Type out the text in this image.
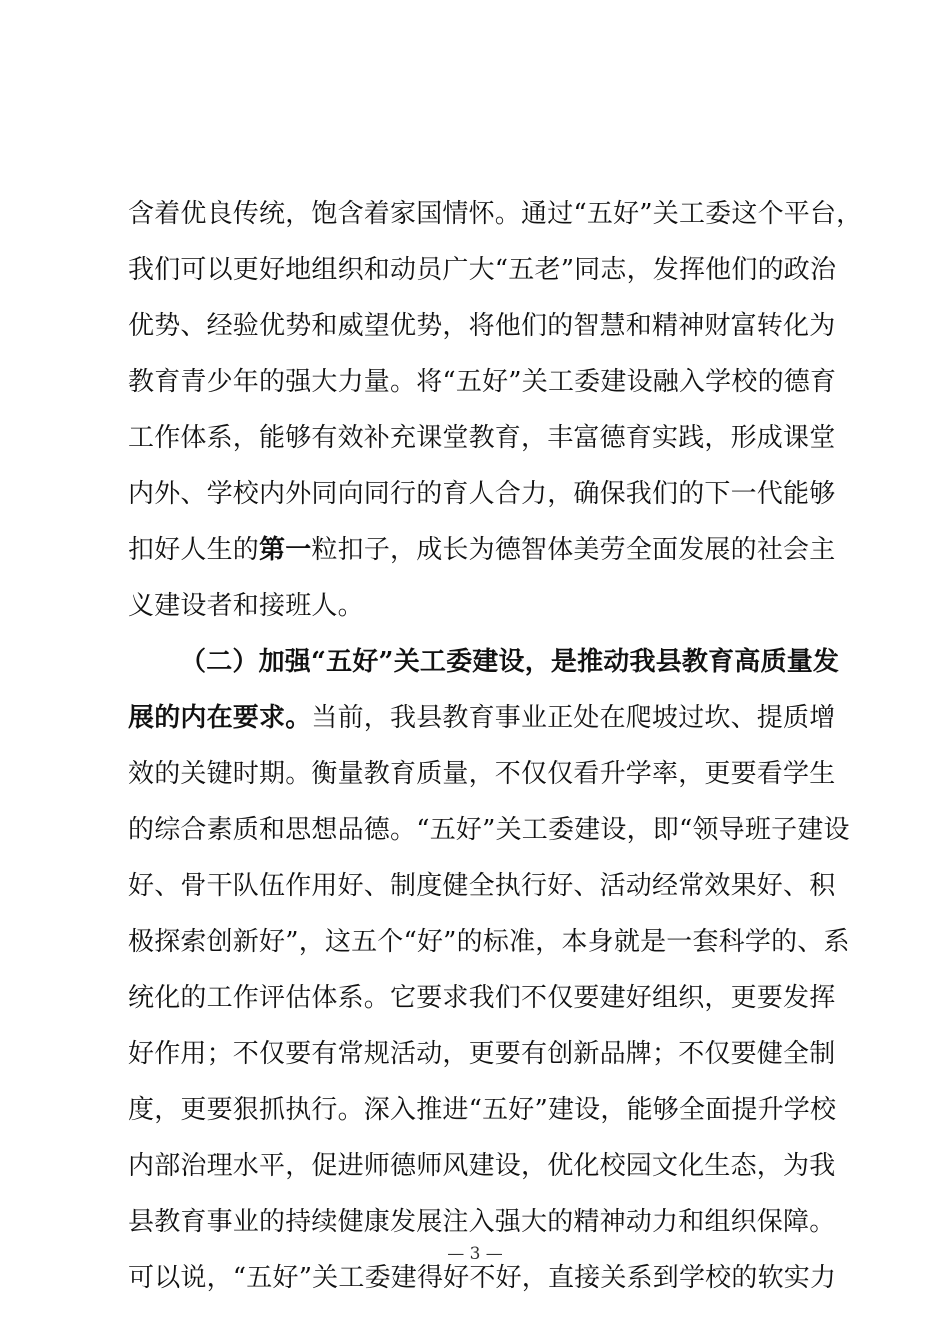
含着优良传统，饱含着家国情怀。通过“五好”关工委这个平台，
我们可以更好地组织和动员广大“五老”同志，发挥他们的政治
优势、经验优势和威望优势，将他们的智慧和精神财富转化为
教育青少年的强大力量。将“五好”关工委建设融入学校的德育
工作体系，能够有效补充课堂教育，丰富德育实践，形成课堂
内外、学校内外同向同行的育人合力，确保我们的下一代能够
扣好人生的第一粒扣子，成长为德智体美劳全面发展的社会主
义建设者和接班人。
（二）加强“五好”关工委建设，是推动我县教育高质量发
展的内在要求。当前，我县教育事业正处在爬坡过坎、提质增
效的关键时期。衡量教育质量，不仅仅看升学率，更要看学生
的综合素质和思想品德。“五好”关工委建设，即“领导班子建设
好、骨干队伍作用好、制度健全执行好、活动经常效果好、积
极探索创新好”，这五个“好”的标准，本身就是一套科学的、系
统化的工作评估体系。它要求我们不仅要建好组织，更要发挥
好作用；不仅要有常规活动，更要有创新品牌；不仅要健全制
度，更要狠抓执行。深入推进“五好”建设，能够全面提升学校
内部治理水平，促进师德师风建设，优化校园文化生态，为我
县教育事业的持续健康发展注入强大的精神动力和组织保障。
可以说，“五好”关工委建得好不好，直接关系到学校的软实力
— 3 —
